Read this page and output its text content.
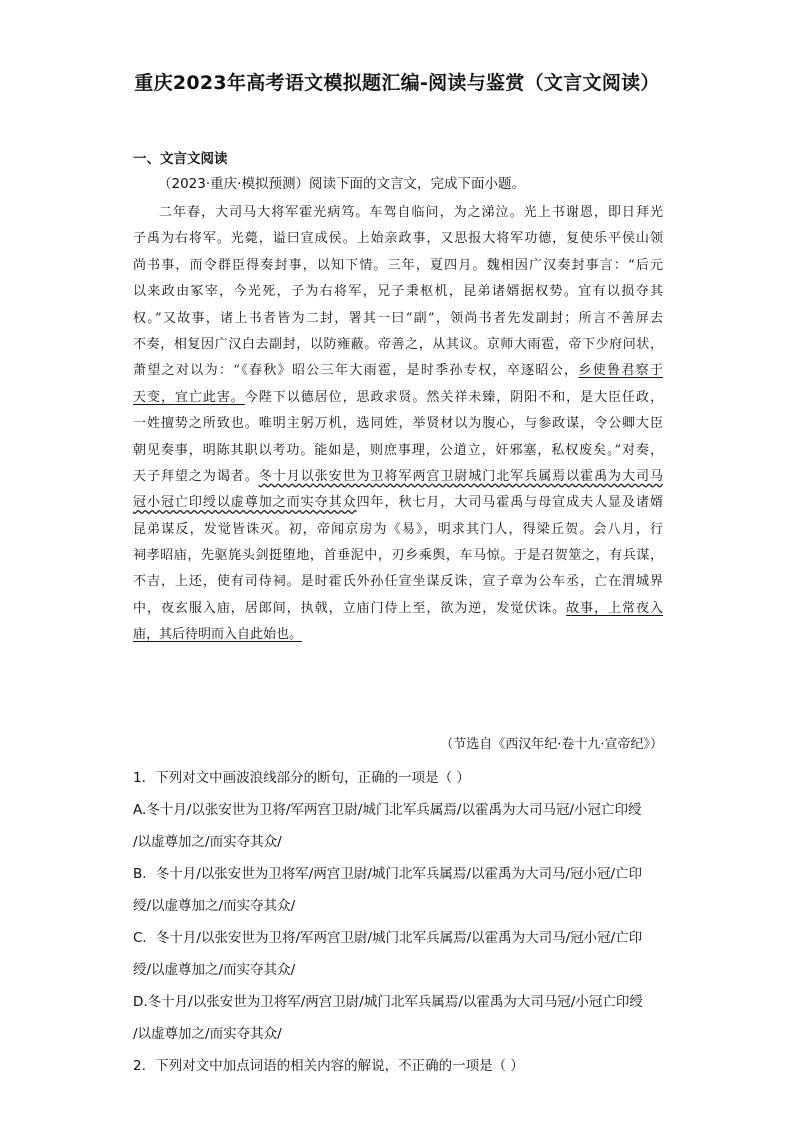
重庆2023年高考语文模拟题汇编-阅读与鉴赏（文言文阅读）
一、文言文阅读
（2023·重庆·模拟预测）阅读下面的文言文，完成下面小题。
二年春，大司马大将军霍光病笃。车驾自临问，为之涕泣。光上书谢恩，即日拜光
子禹为右将军。光薨，谥曰宣成侯。上始亲政事，又思报大将军功德，复使乐平侯山领
尚书事，而令群臣得奏封事，以知下情。三年，夏四月。魏相因广汉奏封事言：“后元
以来政由冢宰，今光死，子为右将军，兄子秉枢机，昆弟诸婿据权势。宜有以损夺其
权。”又故事，诸上书者皆为二封，署其一曰“副”，领尚书者先发副封；所言不善屏去
不奏，相复因广汉白去副封，以防雍蔽。帝善之，从其议。京师大雨雹，帝下少府问状，
萧望之对以为：“《春秋》昭公三年大雨雹，是时季孙专权，卒逐昭公，乡使鲁君察于
天变，宜亡此害。今陛下以德居位，思政求贤。然关祥未臻，阴阳不和，是大臣任政，
一姓擅势之所致也。唯明主躬万机，选同姓，举贤材以为腹心，与参政谋，令公卿大臣
朝见奏事，明陈其职以考功。能如是，则庶事理，公道立，奸邪塞，私权废矣。”对奏，
天子拜望之为谒者。冬十月以张安世为卫将军两宫卫尉城门北军兵属焉以霍禹为大司马
冠小冠亡印绶以虚尊加之而实夺其众四年，秋七月，大司马霍禹与母宣成夫人显及诸婿
昆弟谋反，发觉皆诛灭。初，帝闻京房为《易》，明求其门人，得梁丘贺。会八月，行
祠孝昭庙，先驱旄头剑挺堕地，首垂泥中，刃乡乘舆，车马惊。于是召贺筮之，有兵谋，
不吉，上还，使有司侍祠。是时霍氏外孙任宣坐谋反诛，宣子章为公车丞，亡在渭城界
中，夜玄服入庙，居郎间，执戟，立庙门侍上至，欲为逆，发觉伏诛。故事，上常夜入
庙，其后待明而入自此始也。
（节选自《西汉年纪·卷十九·宣帝纪》）
1．下列对文中画波浪线部分的断句，正确的一项是（ ）
A.冬十月/以张安世为卫将/军两宫卫尉/城门北军兵属焉/以霍禹为大司马冠/小冠亡印绶
/以虚尊加之/而实夺其众/
B．冬十月/以张安世为卫将军/两宫卫尉/城门北军兵属焉/以霍禹为大司马/冠小冠/亡印
绶/以虚尊加之/而实夺其众/
C．冬十月/以张安世为卫将/军两宫卫尉/城门北军兵属焉/以霍禹为大司马/冠小冠/亡印
绶/以虚尊加之/而实夺其众/
D.冬十月/以张安世为卫将军/两宫卫尉/城门北军兵属焉/以霍禹为大司马冠/小冠亡印绶
/以虚尊加之/而实夺其众/
2．下列对文中加点词语的相关内容的解说，不正确的一项是（ ）
